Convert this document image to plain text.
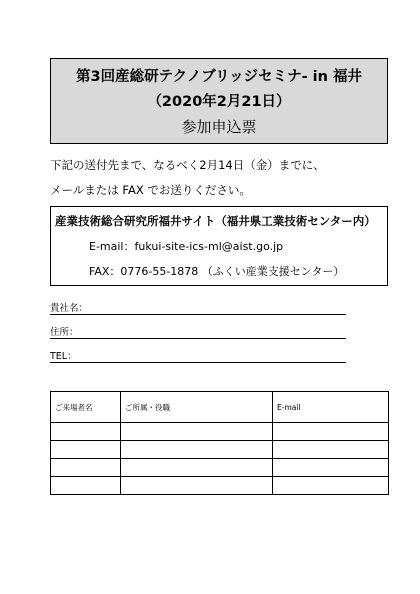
第3回産総研テクノブリッジセミナ‐ in 福井
（2020年2月21日）
参加申込票
下記の送付先まで、なるべく2月14日（金）までに、
メールまたは FAX でお送りください。
産業技術総合研究所福井サイト（福井県工業技術センター内）
E-mail：fukui-site-ics-ml@aist.go.jp
FAX：0776-55-1878 （ふくい産業支援センター）
貴社名：
住所：
TEL：
ご来場者名	ご所属・役職	E-mail
